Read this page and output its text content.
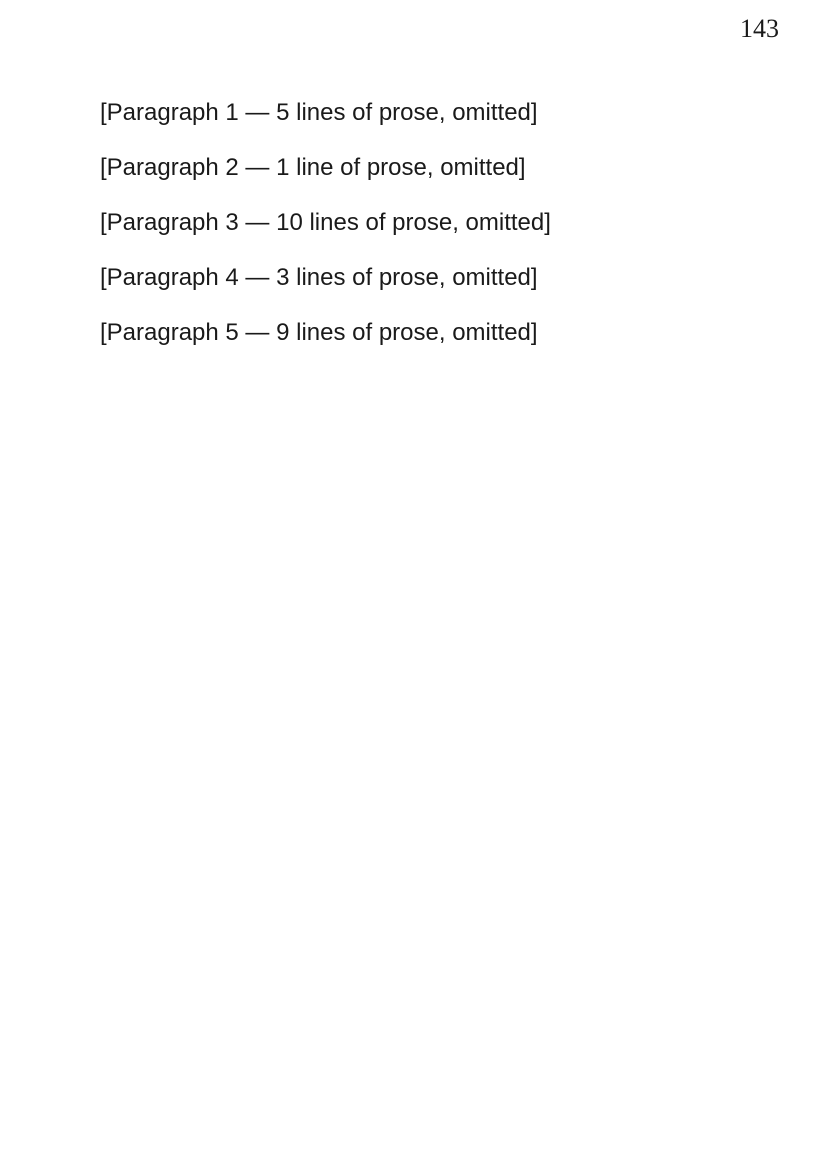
143

[Paragraph 1 — 5 lines of prose, omitted]

[Paragraph 2 — 1 line of prose, omitted]

[Paragraph 3 — 10 lines of prose, omitted]

[Paragraph 4 — 3 lines of prose, omitted]

[Paragraph 5 — 9 lines of prose, omitted]
